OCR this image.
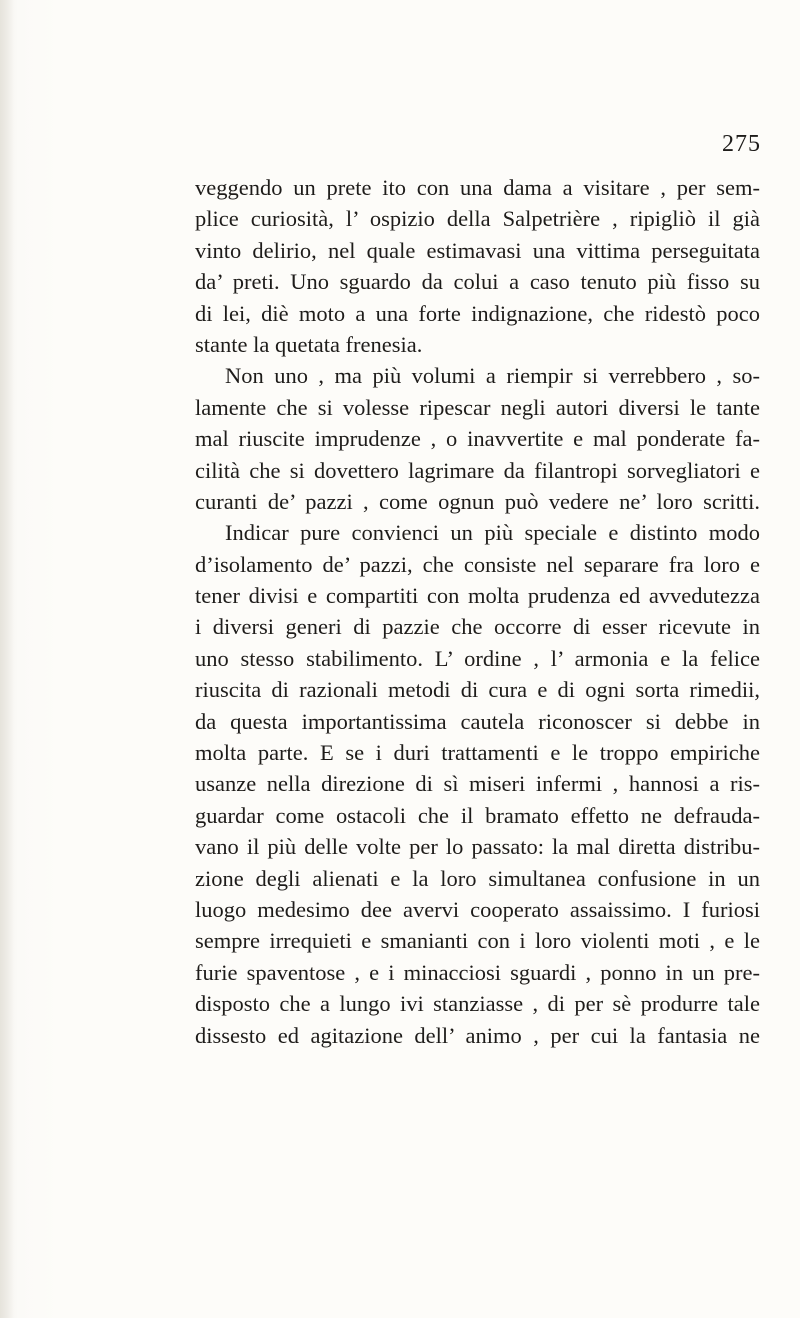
275
veggendo un prete ito con una dama a visitare , per sem-
plice curiosità, l’ ospizio della Salpetrière , ripigliò il già
vinto delirio, nel quale estimavasi una vittima perseguitata
da’ preti. Uno sguardo da colui a caso tenuto più fisso su
di lei, diè moto a una forte indignazione, che ridestò poco
stante la quetata frenesia.
Non uno , ma più volumi a riempir si verrebbero , so-
lamente che si volesse ripescar negli autori diversi le tante
mal riuscite imprudenze , o inavvertite e mal ponderate fa-
cilità che si dovettero lagrimare da filantropi sorvegliatori e
curanti de’ pazzi , come ognun può vedere ne’ loro scritti.
Indicar pure convienci un più speciale e distinto modo
d’isolamento de’ pazzi, che consiste nel separare fra loro e
tener divisi e compartiti con molta prudenza ed avvedutezza
i diversi generi di pazzie che occorre di esser ricevute in
uno stesso stabilimento. L’ ordine , l’ armonia e la felice
riuscita di razionali metodi di cura e di ogni sorta rimedii,
da questa importantissima cautela riconoscer si debbe in
molta parte. E se i duri trattamenti e le troppo empiriche
usanze nella direzione di sì miseri infermi , hannosi a ris-
guardar come ostacoli che il bramato effetto ne defrauda-
vano il più delle volte per lo passato: la mal diretta distribu-
zione degli alienati e la loro simultanea confusione in un
luogo medesimo dee avervi cooperato assaissimo. I furiosi
sempre irrequieti e smanianti con i loro violenti moti , e le
furie spaventose , e i minacciosi sguardi , ponno in un pre-
disposto che a lungo ivi stanziasse , di per sè produrre tale
dissesto ed agitazione dell’ animo , per cui la fantasia ne
